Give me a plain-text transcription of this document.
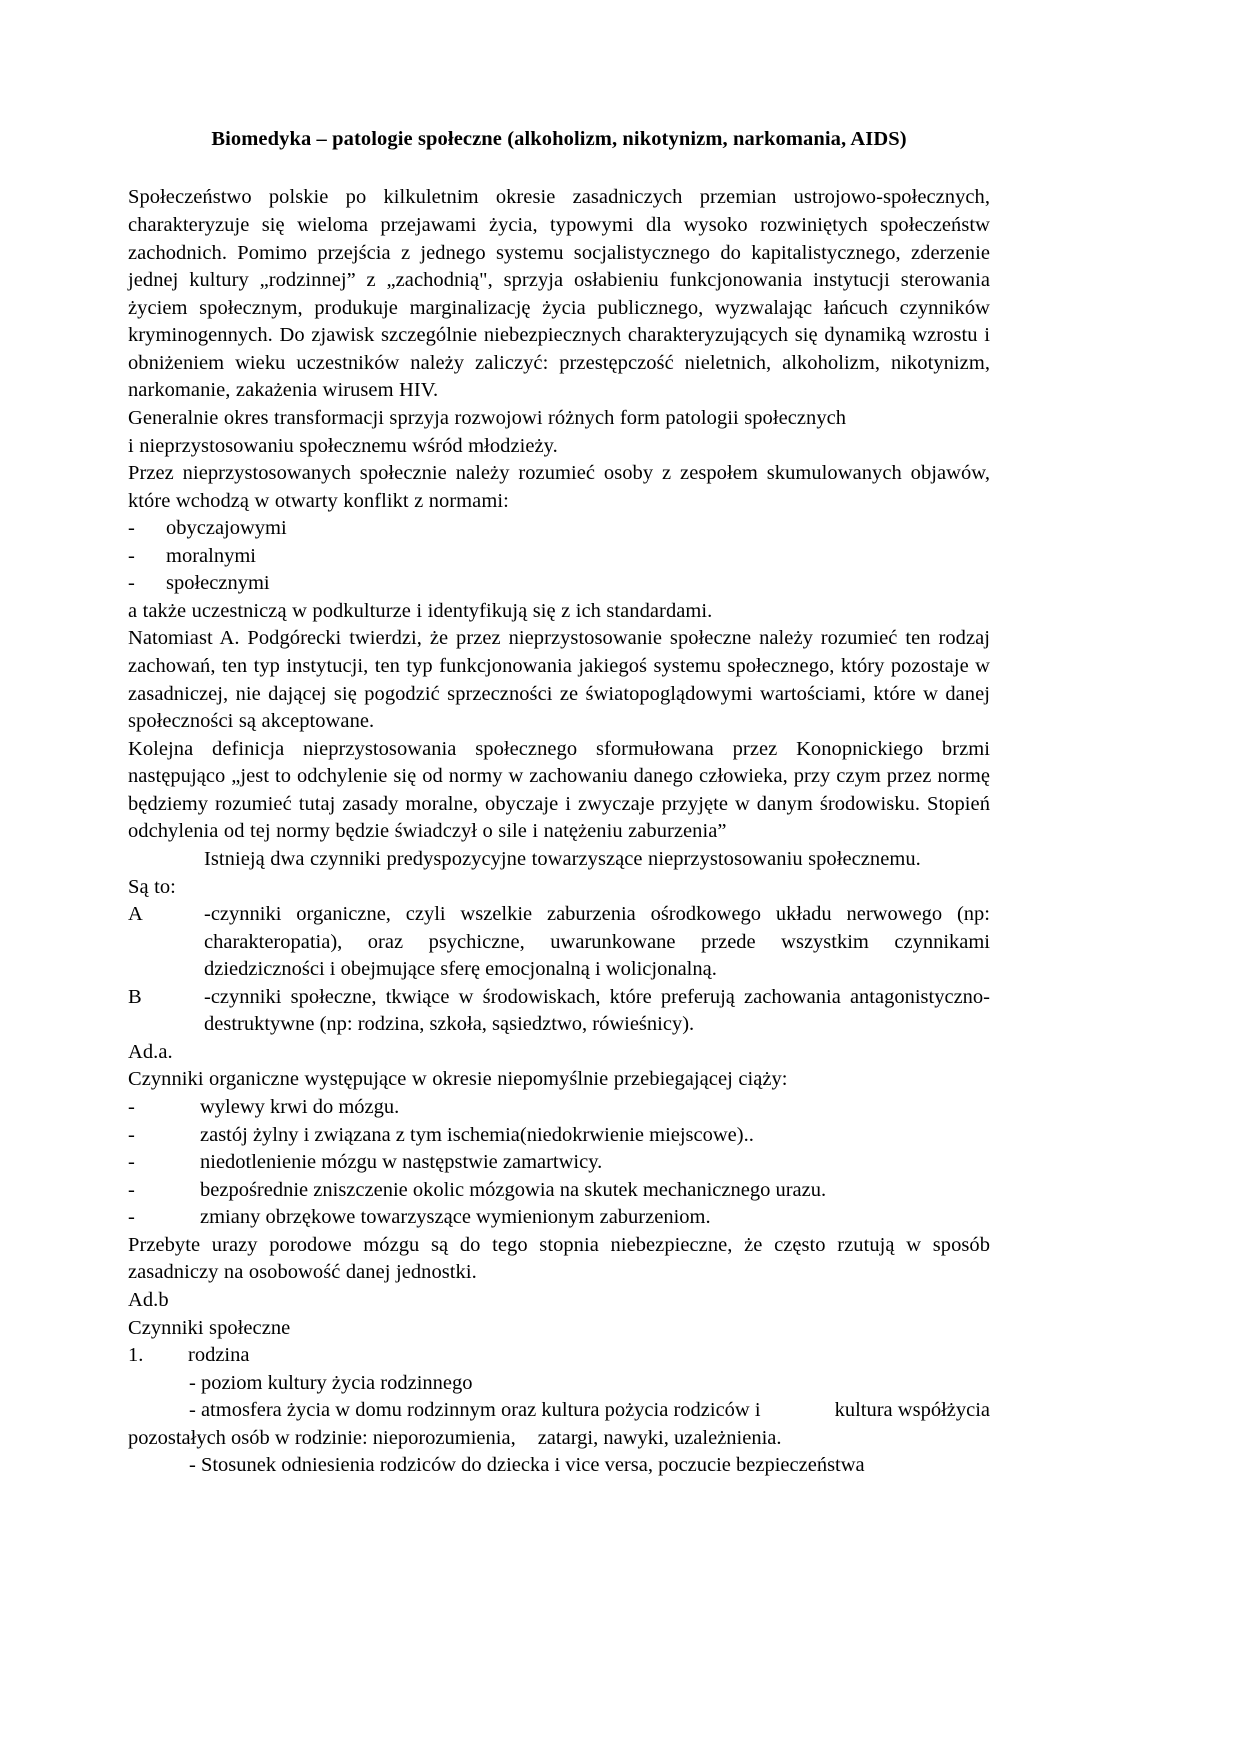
Biomedyka – patologie społeczne (alkoholizm, nikotynizm, narkomania, AIDS)

Społeczeństwo polskie po kilkuletnim okresie zasadniczych przemian ustrojowo-społecznych, charakteryzuje się wieloma przejawami życia, typowymi dla wysoko rozwiniętych społeczeństw zachodnich. Pomimo przejścia z jednego systemu socjalistycznego do kapitalistycznego, zderzenie jednej kultury „rodzinnej” z „zachodnią", sprzyja osłabieniu funkcjonowania instytucji sterowania życiem społecznym, produkuje marginalizację życia publicznego, wyzwalając łańcuch czynników kryminogennych. Do zjawisk szczególnie niebezpiecznych charakteryzujących się dynamiką wzrostu i obniżeniem wieku uczestników należy zaliczyć: przestępczość nieletnich, alkoholizm, nikotynizm, narkomanie, zakażenia wirusem HIV.

Generalnie okres transformacji sprzyja rozwojowi różnych form patologii społecznych

i nieprzystosowaniu społecznemu wśród młodzieży.

Przez nieprzystosowanych społecznie należy rozumieć osoby z zespołem skumulowanych objawów, które wchodzą w otwarty konflikt z normami:

-	obyczajowymi
-	moralnymi
-	społecznymi

a także uczestniczą w podkulturze i identyfikują się z ich standardami.

Natomiast A. Podgórecki twierdzi, że przez nieprzystosowanie społeczne należy rozumieć ten rodzaj zachowań, ten typ instytucji, ten typ funkcjonowania jakiegoś systemu społecznego, który pozostaje w zasadniczej, nie dającej się pogodzić sprzeczności ze światopoglądowymi wartościami, które w danej społeczności są akceptowane.

Kolejna definicja nieprzystosowania społecznego sformułowana przez Konopnickiego brzmi następująco „jest to odchylenie się od normy w zachowaniu danego człowieka, przy czym przez normę będziemy rozumieć tutaj zasady moralne, obyczaje i zwyczaje przyjęte w danym środowisku. Stopień odchylenia od tej normy będzie świadczył o sile i natężeniu zaburzenia”

Istnieją dwa czynniki predyspozycyjne towarzyszące nieprzystosowaniu społecznemu.

Są to:

A	-czynniki organiczne, czyli wszelkie zaburzenia ośrodkowego układu nerwowego (np: charakteropatia), oraz psychiczne, uwarunkowane przede wszystkim czynnikami dziedziczności i obejmujące sferę emocjonalną i wolicjonalną.
B	-czynniki społeczne, tkwiące w środowiskach, które preferują zachowania antagonistyczno-destruktywne (np: rodzina, szkoła, sąsiedztwo, rówieśnicy).

Ad.a.

Czynniki organiczne występujące w okresie niepomyślnie przebiegającej ciąży:

-	wylewy krwi do mózgu.
-	zastój żylny i związana z tym ischemia(niedokrwienie miejscowe)..
-	niedotlenienie mózgu w następstwie zamartwicy.
-	bezpośrednie zniszczenie okolic mózgowia na skutek mechanicznego urazu.
-	zmiany obrzękowe towarzyszące wymienionym zaburzeniom.

Przebyte urazy porodowe mózgu są do tego stopnia niebezpieczne, że często rzutują w sposób zasadniczy na osobowość danej jednostki.

Ad.b

Czynniki społeczne

1.	rodzina

- poziom kultury życia rodzinnego

- atmosfera życia w domu rodzinnym oraz kultura pożycia rodziców i	kultura współżycia pozostałych osób w rodzinie: nieporozumienia, zatargi, nawyki, uzależnienia.

- Stosunek odniesienia rodziców do dziecka i vice versa, poczucie bezpieczeństwa
